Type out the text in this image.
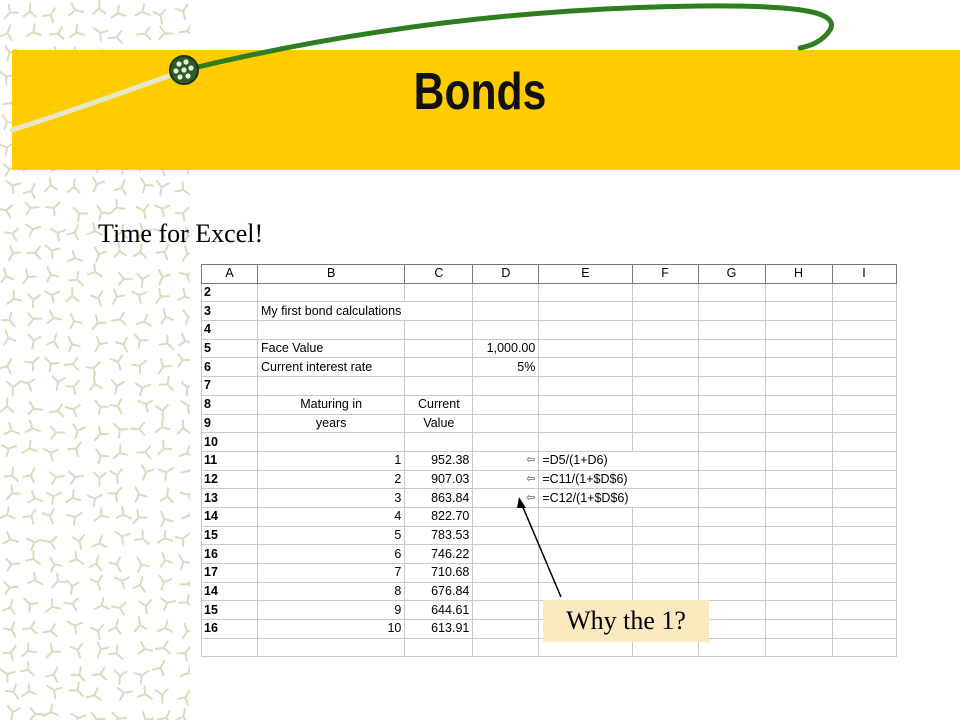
Bonds
Time for Excel!
A	B	C	D	E	F	G	H	I
2								
3	My first bond calculations							
4								
5	Face Value		1,000.00					
6	Current interest rate		5%					
7								
8	Maturing in	Current						
9	years	Value						
10								
11	1	952.38	⇦	=D5/(1+D6)				
12	2	907.03	⇦	=C11/(1+$D$6)				
13	3	863.84	⇦	=C12/(1+$D$6)				
14	4	822.70						
15	5	783.53						
16	6	746.22						
17	7	710.68						
14	8	676.84						
15	9	644.61						
16	10	613.91						
									Why the 1?
